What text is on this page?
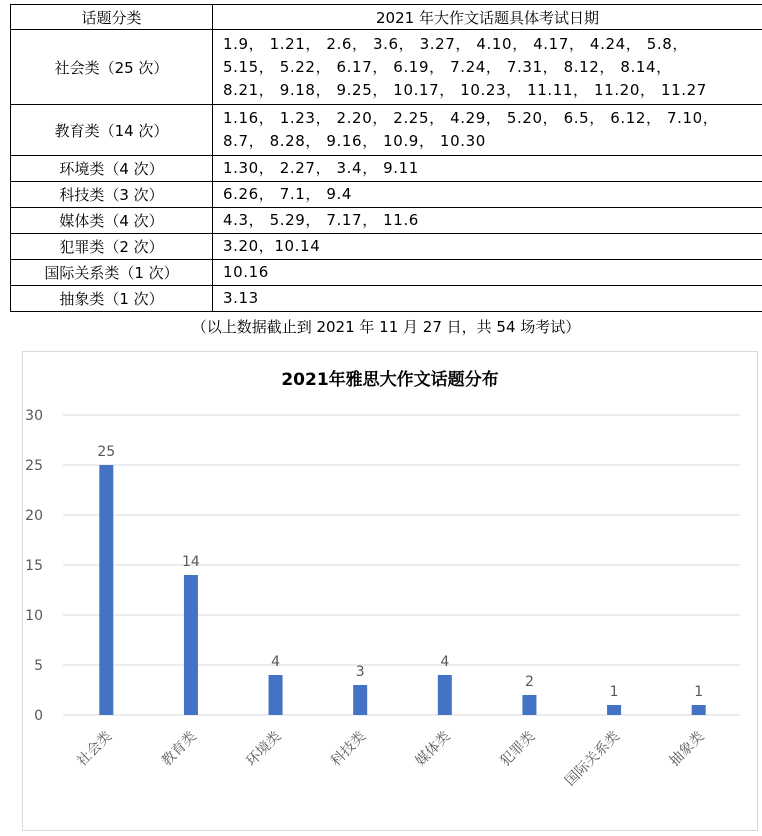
话题分类	2021 年大作文话题具体考试日期
社会类（25 次）	1.9， 1.21， 2.6， 3.6， 3.27， 4.10， 4.17， 4.24， 5.8，
5.15， 5.22， 6.17， 6.19， 7.24， 7.31， 8.12， 8.14，
8.21， 9.18， 9.25， 10.17， 10.23， 11.11， 11.20， 11.27

教育类（14 次）	1.16， 1.23， 2.20， 2.25， 4.29， 5.20， 6.5， 6.12， 7.10，
8.7， 8.28， 9.16， 10.9， 10.30

环境类（4 次）	1.30， 2.27， 3.4， 9.11

科技类（3 次）	6.26， 7.1， 9.4

媒体类（4 次）	4.3， 5.29， 7.17， 11.6

犯罪类（2 次）	3.20，10.14

国际关系类（1 次）	10.16

抽象类（1 次）	3.13
（以上数据截止到 2021 年 11 月 27 日，共 54 场考试）
2021年雅思大作文话题分布
0
5
10
15
20
25
30
25
社会类
14
教育类
4
环境类
3
科技类
4
媒体类
2
犯罪类
1
国际关系类
1
抽象类
